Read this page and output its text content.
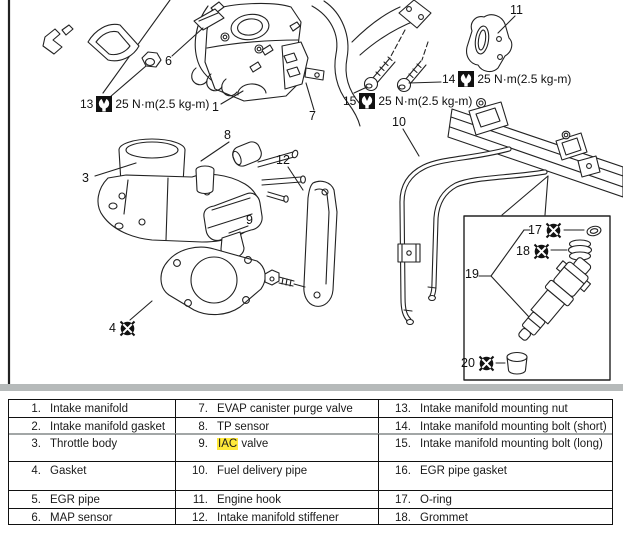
6
1
7
3
8
9
12
11
10
19
4
17
18
20
13 25 N·m(2.5 kg-m)	15 25 N·m(2.5 kg-m)
14 25 N·m(2.5 kg-m)
1. Intake manifold	7. EVAP canister purge valve	13. Intake manifold mounting nut
2. Intake manifold gasket	8. TP sensor	14. Intake manifold mounting bolt (short)
3. Throttle body	9. IAC valve	15. Intake manifold mounting bolt (long)
4. Gasket	10. Fuel delivery pipe	16. EGR pipe gasket
5. EGR pipe	11. Engine hook	17. O-ring
6. MAP sensor	12. Intake manifold stiffener	18. Grommet
